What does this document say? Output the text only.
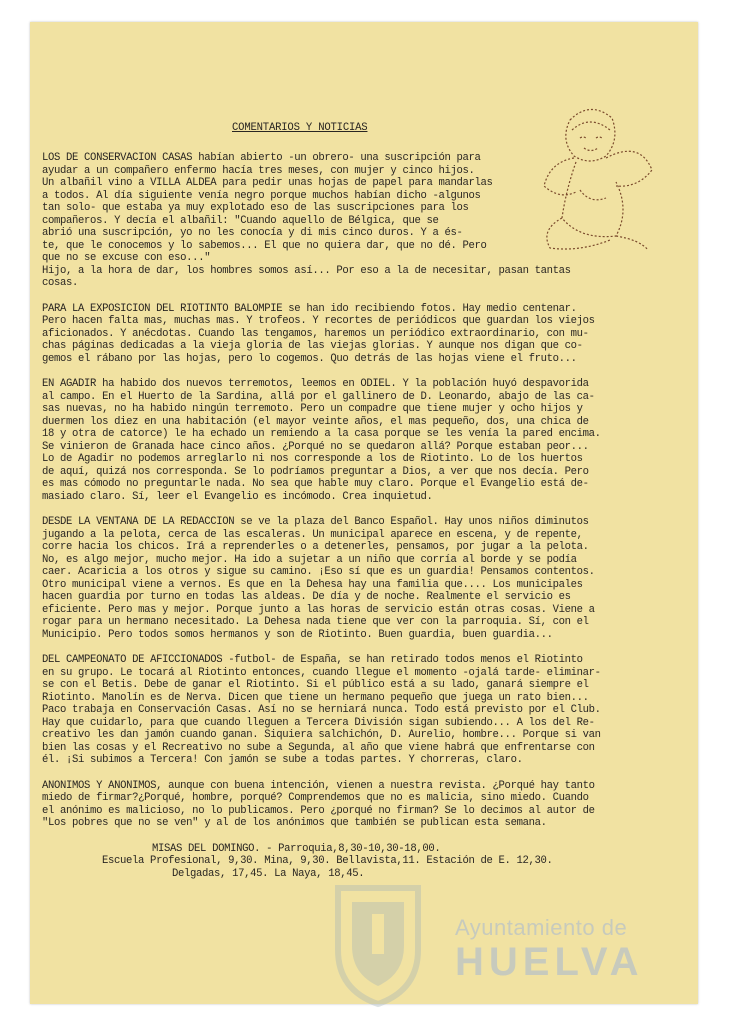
COMENTARIOS Y NOTICIAS

LOS DE CONSERVACION CASAS habían abierto -un obrero- una suscripción para

ayudar a un compañero enfermo hacía tres meses, con mujer y cinco hijos.

Un albañil vino a VILLA ALDEA para pedir unas hojas de papel para mandarlas

a todos. Al día siguiente venía negro porque muchos habían dicho -algunos

tan solo- que estaba ya muy explotado eso de las suscripciones para los

compañeros. Y decía el albañil: "Cuando aquello de Bélgica, que se

abrió una suscripción, yo no les conocía y di mis cinco duros. Y a és-

te, que le conocemos y lo sabemos... El que no quiera dar, que no dé. Pero

que no se excuse con eso..."

Hijo, a la hora de dar, los hombres somos así... Por eso a la de necesitar, pasan tantas

cosas.

PARA LA EXPOSICION DEL RIOTINTO BALOMPIE se han ido recibiendo fotos. Hay medio centenar.

Pero hacen falta mas, muchas mas. Y trofeos. Y recortes de periódicos que guardan los viejos

aficionados. Y anécdotas. Cuando las tengamos, haremos un periódico extraordinario, con mu-

chas páginas dedicadas a la vieja gloria de las viejas glorias. Y aunque nos digan que co-

gemos el rábano por las hojas, pero lo cogemos. Quo detrás de las hojas viene el fruto...

EN AGADIR ha habido dos nuevos terremotos, leemos en ODIEL. Y la población huyó despavorida

al campo. En el Huerto de la Sardina, allá por el gallinero de D. Leonardo, abajo de las ca-

sas nuevas, no ha habido ningún terremoto. Pero un compadre que tiene mujer y ocho hijos y

duermen los diez en una habitación (el mayor veinte años, el mas pequeño, dos, una chica de

18 y otra de catorce) le ha echado un remiendo a la casa porque se les venía la pared encima.

Se vinieron de Granada hace cinco años. ¿Porqué no se quedaron allá? Porque estaban peor...

Lo de Agadir no podemos arreglarlo ni nos corresponde a los de Riotinto. Lo de los huertos

de aquí, quizá nos corresponda. Se lo podríamos preguntar a Dios, a ver que nos decía. Pero

es mas cómodo no preguntarle nada. No sea que hable muy claro. Porque el Evangelio está de-

masiado claro. Sí, leer el Evangelio es incómodo. Crea inquietud.

DESDE LA VENTANA DE LA REDACCION se ve la plaza del Banco Español. Hay unos niños diminutos

jugando a la pelota, cerca de las escaleras. Un municipal aparece en escena, y de repente,

corre hacia los chicos. Irá a reprenderles o a detenerles, pensamos, por jugar a la pelota.

No, es algo mejor, mucho mejor. Ha ido a sujetar a un niño que corría al borde y se podía

caer. Acaricia a los otros y sigue su camino. ¡Eso sí que es un guardia! Pensamos contentos.

Otro municipal viene a vernos. Es que en la Dehesa hay una familia que.... Los municipales

hacen guardia por turno en todas las aldeas. De día y de noche. Realmente el servicio es

eficiente. Pero mas y mejor. Porque junto a las horas de servicio están otras cosas. Viene a

rogar para un hermano necesitado. La Dehesa nada tiene que ver con la parroquia. Sí, con el

Municipio. Pero todos somos hermanos y son de Riotinto. Buen guardia, buen guardia...

DEL CAMPEONATO DE AFICCIONADOS -futbol- de España, se han retirado todos menos el Riotinto

en su grupo. Le tocará al Riotinto entonces, cuando llegue el momento -ojalá tarde- eliminar-

se con el Betis. Debe de ganar el Riotinto. Si el público está a su lado, ganará siempre el

Riotinto. Manolín es de Nerva. Dicen que tiene un hermano pequeño que juega un rato bien...

Paco trabaja en Conservación Casas. Así no se herniará nunca. Todo está previsto por el Club.

Hay que cuidarlo, para que cuando lleguen a Tercera División sigan subiendo... A los del Re-

creativo les dan jamón cuando ganan. Siquiera salchichón, D. Aurelio, hombre... Porque si van

bien las cosas y el Recreativo no sube a Segunda, al año que viene habrá que enfrentarse con

él. ¡Si subimos a Tercera! Con jamón se sube a todas partes. Y chorreras, claro.

ANONIMOS Y ANONIMOS, aunque con buena intención, vienen a nuestra revista. ¿Porqué hay tanto

miedo de firmar?¿Porqué, hombre, porqué? Comprendemos que no es malicia, sino miedo. Cuando

el anónimo es malicioso, no lo publicamos. Pero ¿porqué no firman? Se lo decimos al autor de

"Los pobres que no se ven" y al de los anónimos que también se publican esta semana.

MISAS DEL DOMINGO. - Parroquia,8,30-10,30-18,00.

Escuela Profesional, 9,30. Mina, 9,30. Bellavista,11. Estación de E. 12,30.

Delgadas, 17,45. La Naya, 18,45.

Ayuntamiento de
HUELVA
